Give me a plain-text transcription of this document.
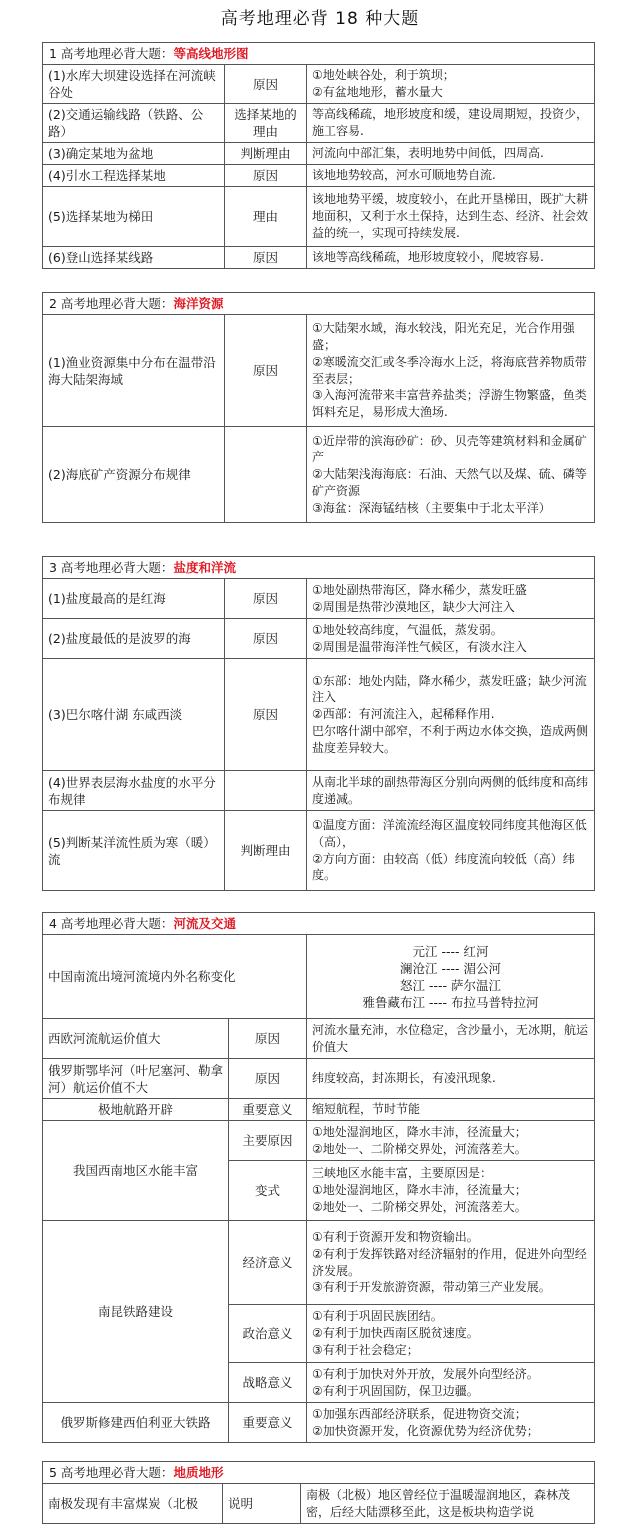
高考地理必背 18 种大题
1 高考地理必背大题：等高线地形图		
(1)水库大坝建设选择在河流峡谷处	原因	①地处峡谷处，利于筑坝；
②有盆地地形，蓄水量大

(2)交通运输线路（铁路、公路）	选择某地的理由	等高线稀疏，地形坡度和缓，建设周期短，投资少，施工容易.
(3)确定某地为盆地	判断理由	河流向中部汇集，表明地势中间低，四周高.
(4)引水工程选择某地	原因	该地地势较高，河水可顺地势自流.
(5)选择某地为梯田	理由	该地地势平缓，坡度较小，在此开垦梯田，既扩大耕地面积，又利于水土保持，达到生态、经济、社会效益的统一，实现可持续发展.
(6)登山选择某线路	原因	该地等高线稀疏，地形坡度较小，爬坡容易.
2 高考地理必背大题：海洋资源		
(1)渔业资源集中分布在温带沿海大陆架海域	原因	①大陆架水域，海水较浅，阳光充足，光合作用强盛；
②寒暖流交汇或冬季冷海水上泛，将海底营养物质带至表层；
③入海河流带来丰富营养盐类；浮游生物繁盛，鱼类饵料充足，易形成大渔场.

(2)海底矿产资源分布规律		①近岸带的滨海砂矿：砂、贝壳等建筑材料和金属矿产
②大陆架浅海海底：石油、天然气以及煤、硫、磷等矿产资源
③海盆：深海锰结核（主要集中于北太平洋）
3 高考地理必背大题：盐度和洋流		
(1)盐度最高的是红海	原因	①地处副热带海区，降水稀少，蒸发旺盛
②周围是热带沙漠地区，缺少大河注入

(2)盐度最低的是波罗的海	原因	①地处较高纬度，气温低，蒸发弱。
②周围是温带海洋性气候区，有淡水注入

(3)巴尔喀什湖 东咸西淡	原因	①东部：地处内陆，降水稀少，蒸发旺盛；缺少河流注入
②西部：有河流注入，起稀释作用.
巴尔喀什湖中部窄，不利于两边水体交换，造成两侧盐度差异较大。

(4)世界表层海水盐度的水平分布规律		从南北半球的副热带海区分别向两侧的低纬度和高纬度递减。
(5)判断某洋流性质为寒（暖）流	判断理由	①温度方面：洋流流经海区温度较同纬度其他海区低（高），
②方向方面：由较高（低）纬度流向较低（高）纬度。
4 高考地理必背大题：河流及交通		
中国南流出境河流境内外名称变化		元江 ---- 红河
澜沧江 ---- 湄公河
怒江 ---- 萨尔温江
雅鲁藏布江 ---- 布拉马普特拉河

西欧河流航运价值大	原因	河流水量充沛，水位稳定，含沙量小，无冰期，航运价值大
俄罗斯鄂毕河（叶尼塞河、勒拿河）航运价值不大	原因	纬度较高，封冻期长，有凌汛现象.
极地航路开辟	重要意义	缩短航程，节时节能
我国西南地区水能丰富	主要原因	①地处湿润地区，降水丰沛，径流量大；
②地处一、二阶梯交界处，河流落差大。

	变式	三峡地区水能丰富，主要原因是：
①地处湿润地区，降水丰沛，径流量大；
②地处一、二阶梯交界处，河流落差大。

南昆铁路建设	经济意义	①有利于资源开发和物资输出。
②有利于发挥铁路对经济辐射的作用，促进外向型经济发展。
③有利于开发旅游资源，带动第三产业发展。

	政治意义	①有利于巩固民族团结。
②有利于加快西南区脱贫速度。
③有利于社会稳定；

	战略意义	①有利于加快对外开放，发展外向型经济。
②有利于巩固国防，保卫边疆。

俄罗斯修建西伯利亚大铁路	重要意义	①加强东西部经济联系，促进物资交流；
②加快资源开发，化资源优势为经济优势；
5 高考地理必背大题：地质地形
南极发现有丰富煤炭（北极	说明	南极（北极）地区曾经位于温暖湿润地区，森林茂密，后经大陆漂移至此，这是板块构造学说
